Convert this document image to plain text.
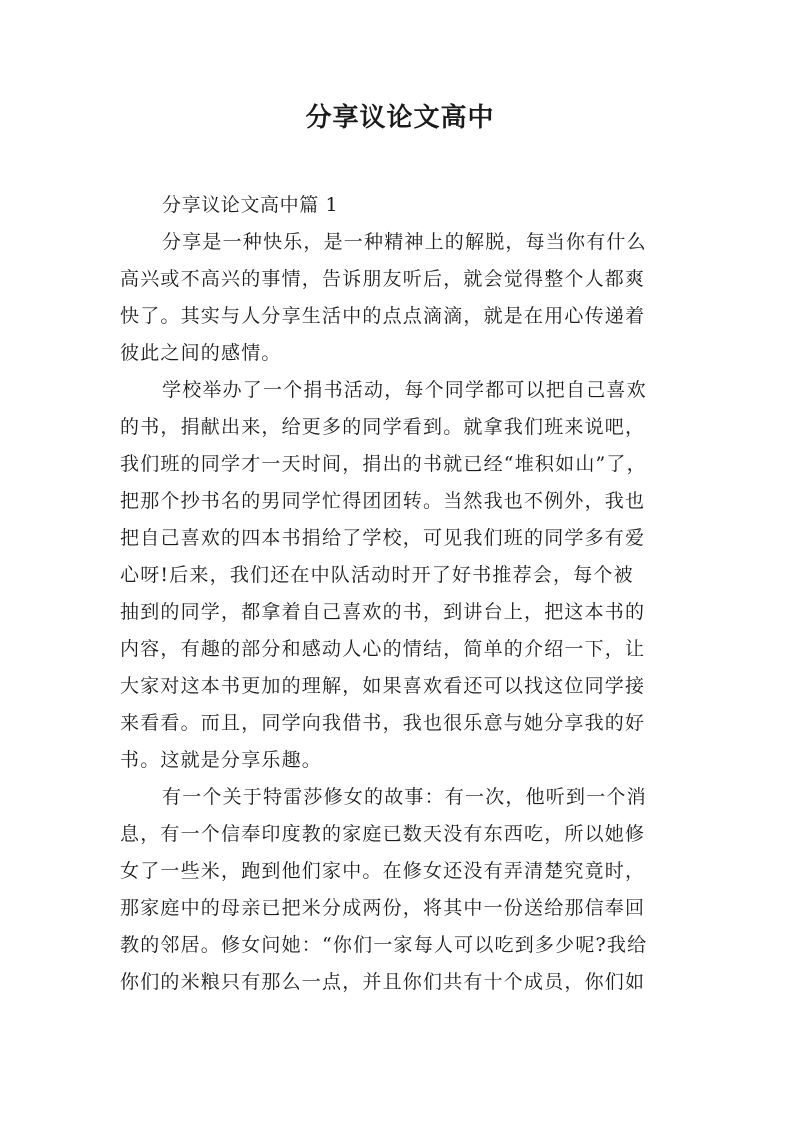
分享议论文高中
分享议论文高中篇 1
分享是一种快乐，是一种精神上的解脱，每当你有什么
高兴或不高兴的事情，告诉朋友听后，就会觉得整个人都爽
快了。其实与人分享生活中的点点滴滴，就是在用心传递着
彼此之间的感情。
学校举办了一个捐书活动，每个同学都可以把自己喜欢
的书，捐献出来，给更多的同学看到。就拿我们班来说吧，
我们班的同学才一天时间，捐出的书就已经“堆积如山”了，
把那个抄书名的男同学忙得团团转。当然我也不例外，我也
把自己喜欢的四本书捐给了学校，可见我们班的同学多有爱
心呀!后来，我们还在中队活动时开了好书推荐会，每个被
抽到的同学，都拿着自己喜欢的书，到讲台上，把这本书的
内容，有趣的部分和感动人心的情结，简单的介绍一下，让
大家对这本书更加的理解，如果喜欢看还可以找这位同学接
来看看。而且，同学向我借书，我也很乐意与她分享我的好
书。这就是分享乐趣。
有一个关于特雷莎修女的故事：有一次，他听到一个消
息，有一个信奉印度教的家庭已数天没有东西吃，所以她修
女了一些米，跑到他们家中。在修女还没有弄清楚究竟时，
那家庭中的母亲已把米分成两份，将其中一份送给那信奉回
教的邻居。修女问她：“你们一家每人可以吃到多少呢?我给
你们的米粮只有那么一点，并且你们共有十个成员，你们如
